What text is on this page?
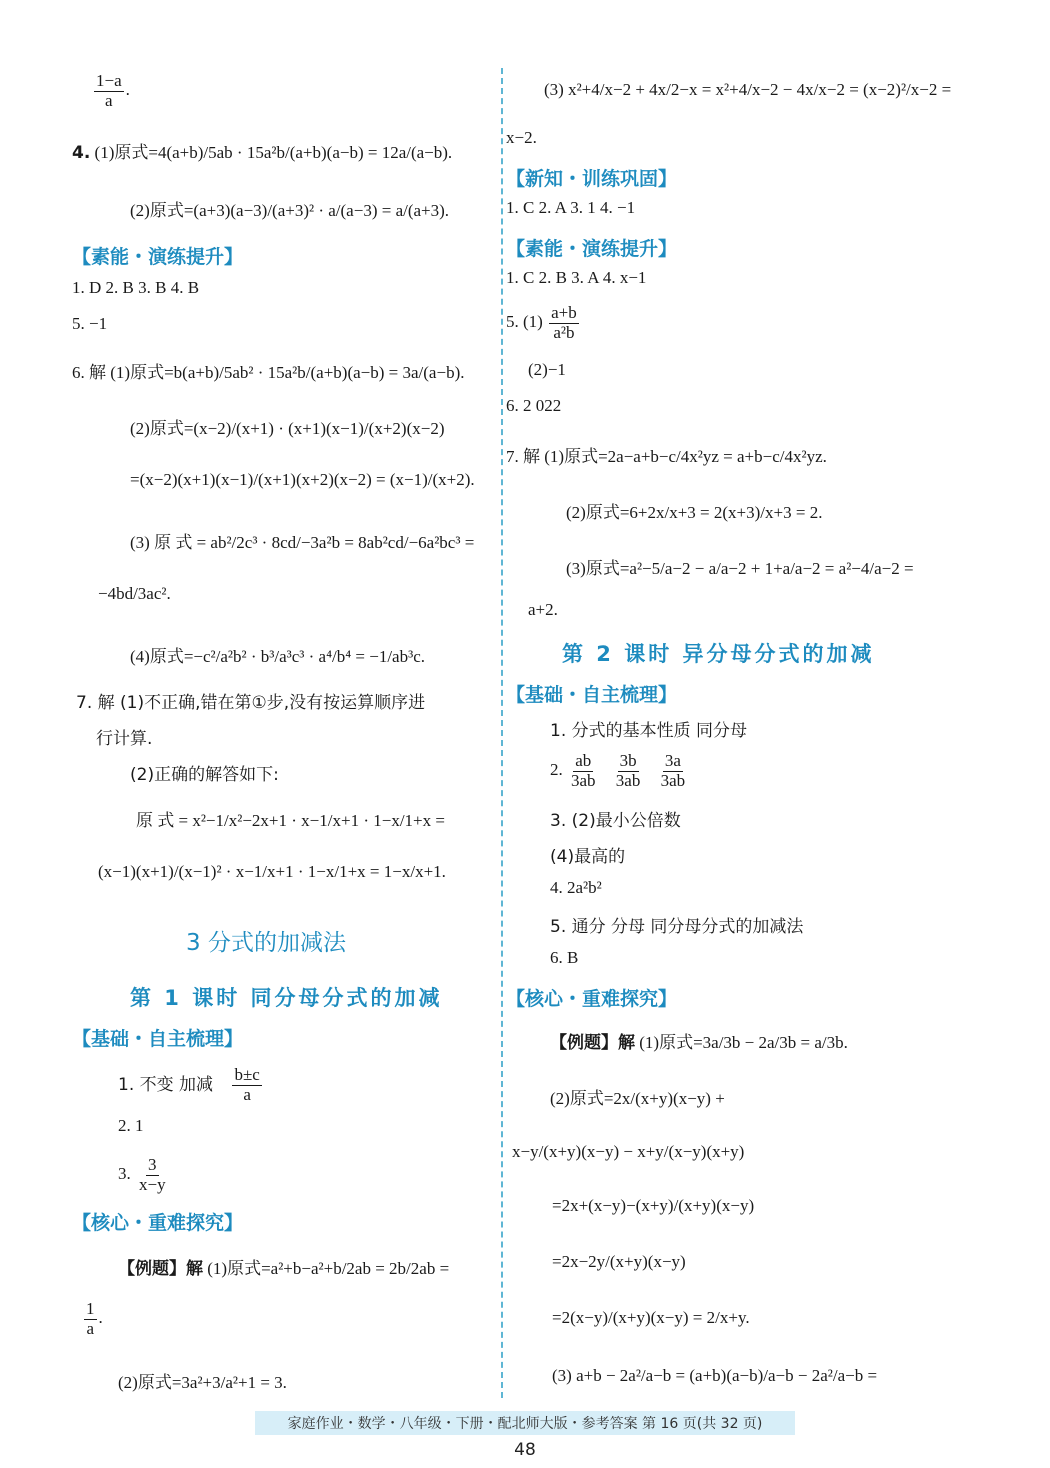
$\frac{1-a}{a}$ .
4. (1)原式=4(a+b)/5ab · 15a²b/(a+b)(a−b) = 12a/(a−b).
(2)原式=(a+3)(a−3)/(a+3)² · a/(a−3) = a/(a+3).
【素能・演练提升】
1. D 2. B 3. B 4. B
5. −1
6. 解 (1)原式=b(a+b)/5ab² · 15a²b/(a+b)(a−b) = 3a/(a−b).
(2)原式=(x−2)/(x+1) · (x+1)(x−1)/(x+2)(x−2)
=(x−2)(x+1)(x−1)/(x+1)(x+2)(x−2) = (x−1)/(x+2).
(3) 原 式 = ab²/2c³ · 8cd/−3a²b = 8ab²cd/−6a²bc³ =
−4bd/3ac².
(4)原式=−c²/a²b² · b³/a³c³ · a⁴/b⁴ = −1/ab³c.
7. 解 (1)不正确,错在第①步,没有按运算顺序进
行计算.
(2)正确的解答如下:
原 式 = x²−1/x²−2x+1 · x−1/x+1 · 1−x/1+x =
(x−1)(x+1)/(x−1)² · x−1/x+1 · 1−x/1+x = 1−x/x+1.
3 分式的加减法
第 1 课时 同分母分式的加减
【基础・自主梳理】
1. 不变 加减 $\frac{b\pm c}{a}$
2. 1
3. $\frac{3}{x-y}$
【核心・重难探究】
【例题】解 (1)原式=a²+b−a²+b/2ab = 2b/2ab =
$\frac{1}{a}$ .
(2)原式=3a²+3/a²+1 = 3.
(3) x²+4/x−2 + 4x/2−x = x²+4/x−2 − 4x/x−2 = (x−2)²/x−2 =
x−2.
【新知・训练巩固】
1. C 2. A 3. 1 4. −1
【素能・演练提升】
1. C 2. B 3. A 4. x−1
5. $(1) \frac{a+b}{\text{a²b}}$
(2)−1
6. 2 022
7. 解 (1)原式=2a−a+b−c/4x²yz = a+b−c/4x²yz.
(2)原式=6+2x/x+3 = 2(x+3)/x+3 = 2.
(3)原式=a²−5/a−2 − a/a−2 + 1+a/a−2 = a²−4/a−2 =
a+2.
第 2 课时 异分母分式的加减
【基础・自主梳理】
1. 分式的基本性质 同分母
2. $\frac{ab}{3ab}$
$\frac{3b}{3ab}$
$\frac{3a}{3ab}$
3. (2)最小公倍数
(4)最高的
4. 2a²b²
5. 通分 分母 同分母分式的加减法
6. B
【核心・重难探究】
【例题】解 (1)原式=3a/3b − 2a/3b = a/3b.
(2)原式=2x/(x+y)(x−y) +
x−y/(x+y)(x−y) − x+y/(x−y)(x+y)
=2x+(x−y)−(x+y)/(x+y)(x−y)
=2x−2y/(x+y)(x−y)
=2(x−y)/(x+y)(x−y) = 2/x+y.
(3) a+b − 2a²/a−b = (a+b)(a−b)/a−b − 2a²/a−b =
家庭作业・数学・八年级・下册・配北师大版・参考答案 第 16 页(共 32 页)
48
